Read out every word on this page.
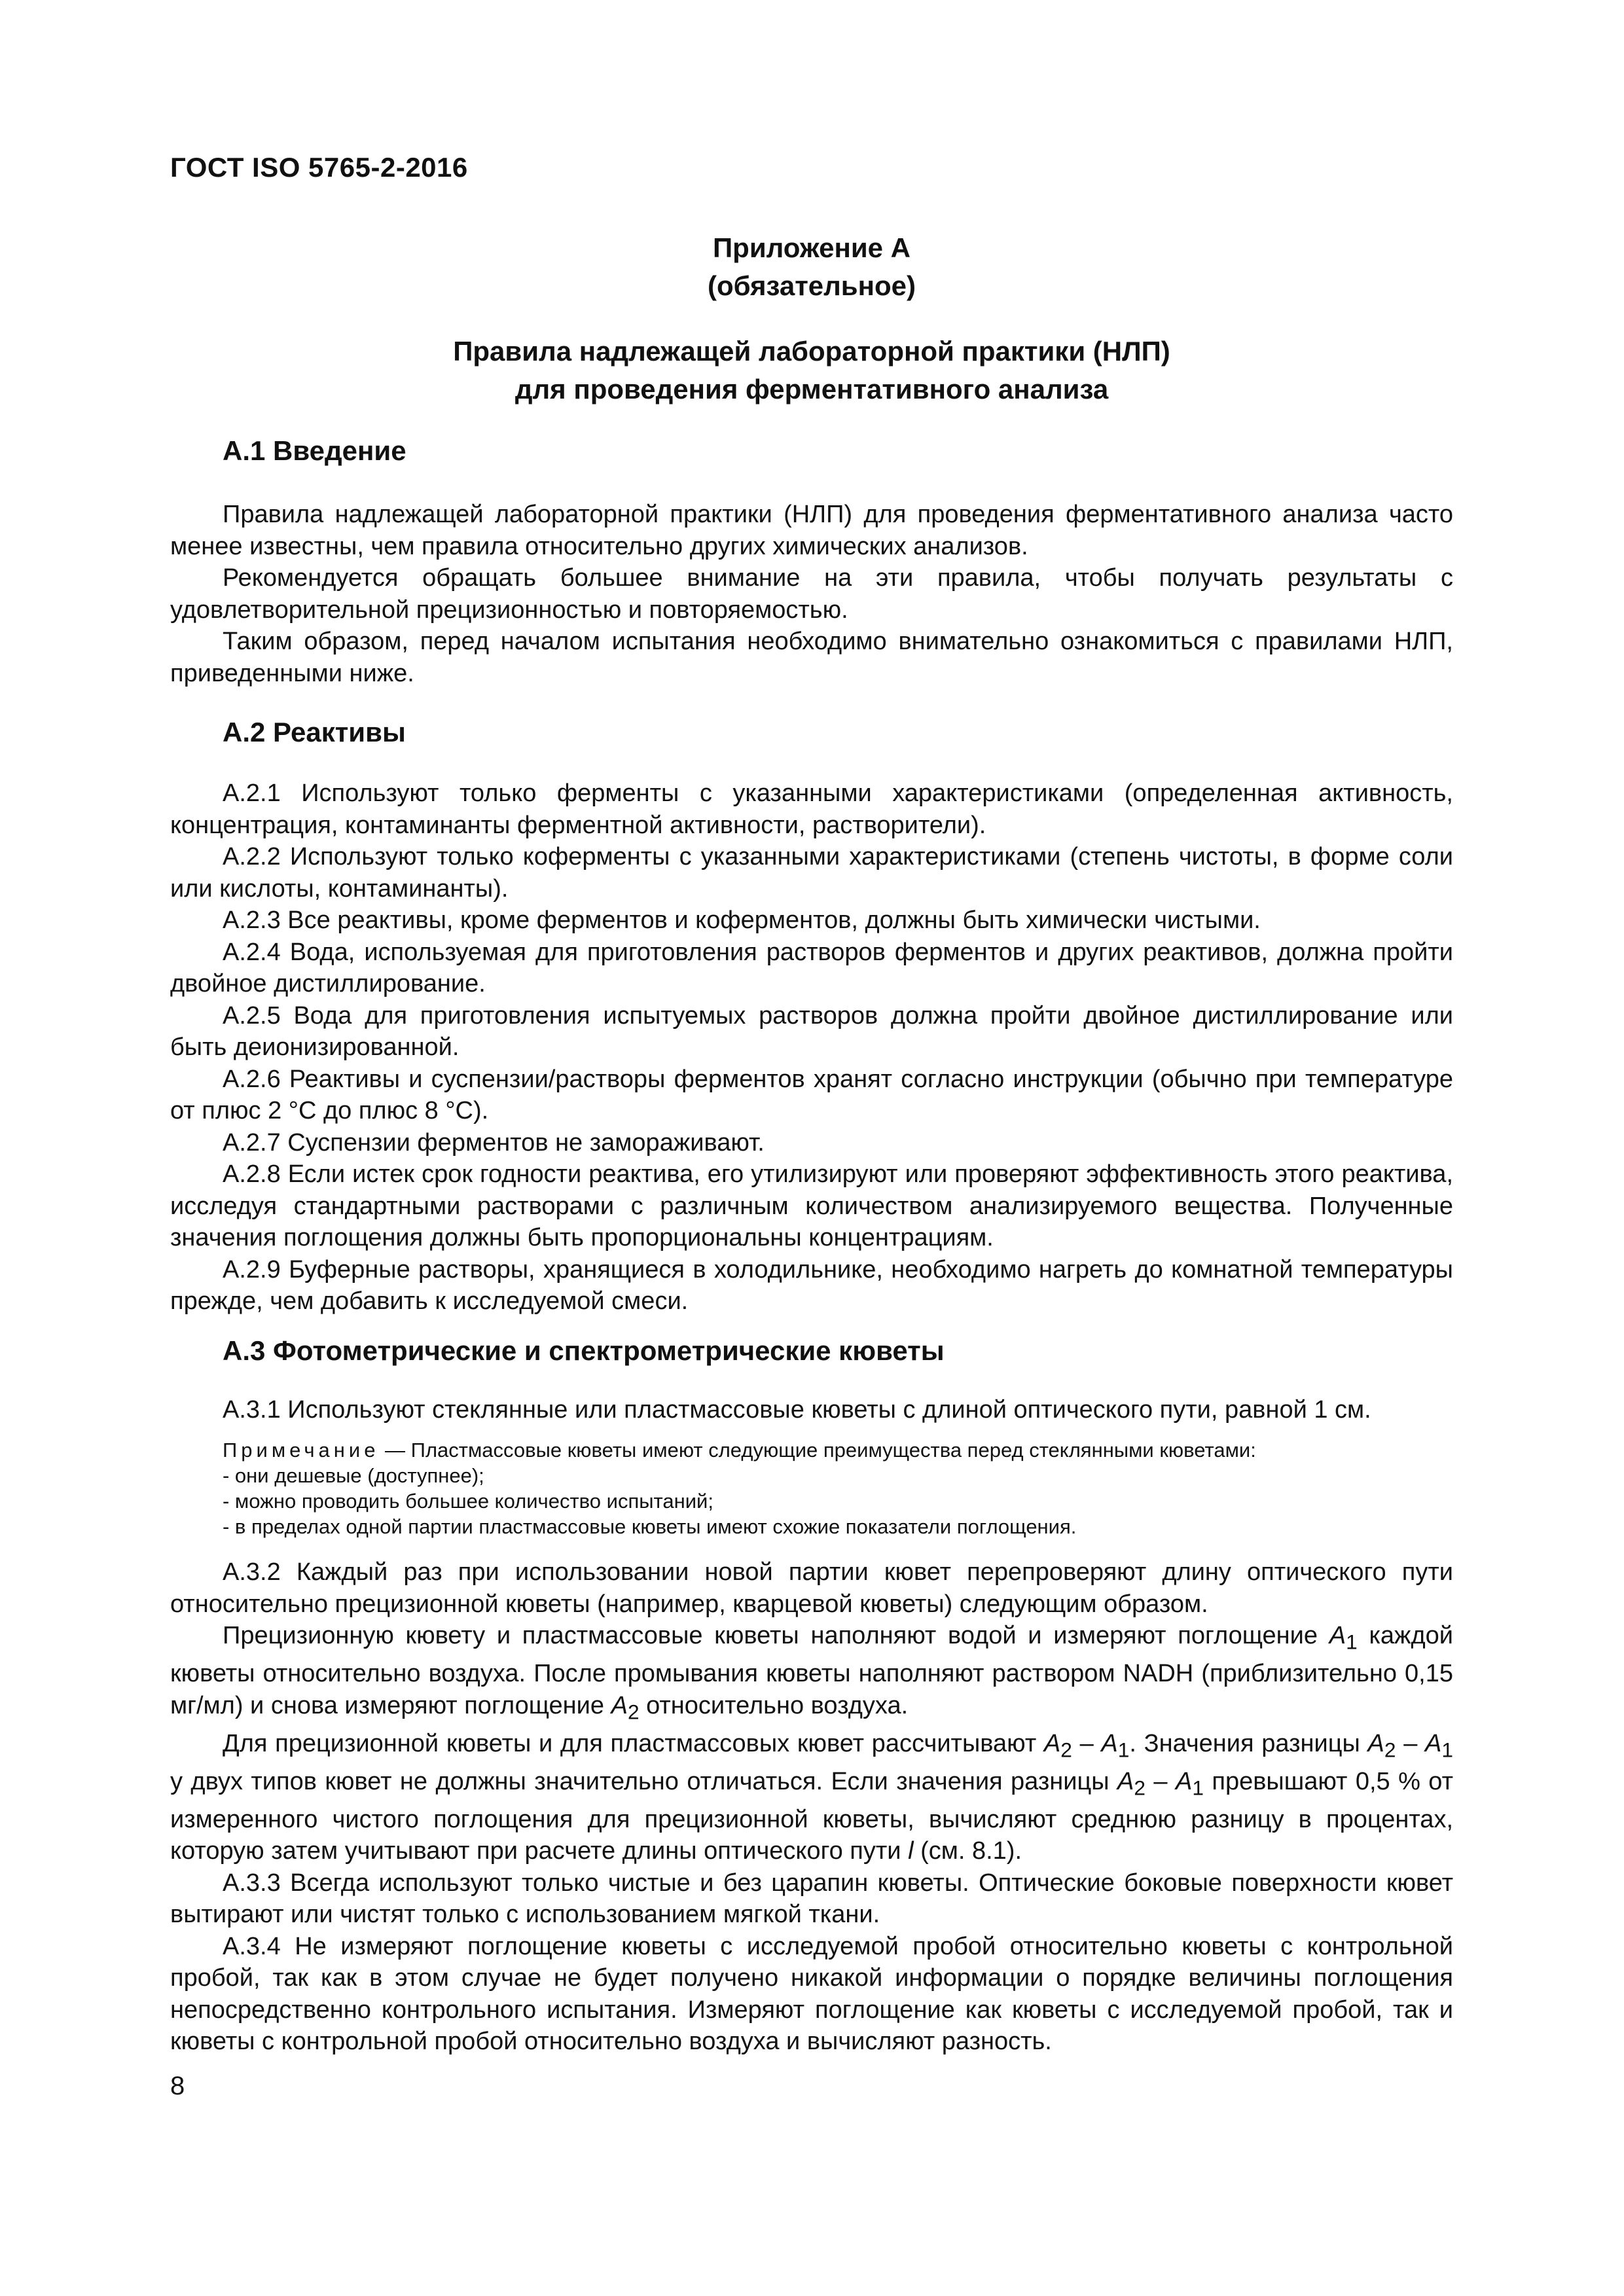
ГОСТ ISO 5765-2-2016
Приложение А
(обязательное)
Правила надлежащей лабораторной практики (НЛП)
для проведения ферментативного анализа
А.1 Введение

Правила надлежащей лабораторной практики (НЛП) для проведения ферментативного анализа часто менее известны, чем правила относительно других химических анализов.

Рекомендуется обращать большее внимание на эти правила, чтобы получать результаты с удовлетворительной прецизионностью и повторяемостью.

Таким образом, перед началом испытания необходимо внимательно ознакомиться с правилами НЛП, приведенными ниже.

А.2 Реактивы

А.2.1 Используют только ферменты с указанными характеристиками (определенная активность, концентрация, контаминанты ферментной активности, растворители).

А.2.2 Используют только коферменты с указанными характеристиками (степень чистоты, в форме соли или кислоты, контаминанты).

А.2.3 Все реактивы, кроме ферментов и коферментов, должны быть химически чистыми.

А.2.4 Вода, используемая для приготовления растворов ферментов и других реактивов, должна пройти двойное дистиллирование.

А.2.5 Вода для приготовления испытуемых растворов должна пройти двойное дистиллирование или быть деионизированной.

А.2.6 Реактивы и суспензии/растворы ферментов хранят согласно инструкции (обычно при температуре от плюс 2 °С до плюс 8 °С).

А.2.7 Суспензии ферментов не замораживают.

А.2.8 Если истек срок годности реактива, его утилизируют или проверяют эффективность этого реактива, исследуя стандартными растворами с различным количеством анализируемого вещества. Полученные значения поглощения должны быть пропорциональны концентрациям.

А.2.9 Буферные растворы, хранящиеся в холодильнике, необходимо нагреть до комнатной температуры прежде, чем добавить к исследуемой смеси.

А.3 Фотометрические и спектрометрические кюветы

А.3.1 Используют стеклянные или пластмассовые кюветы с длиной оптического пути, равной 1 см.

Примечание — Пластмассовые кюветы имеют следующие преимущества перед стеклянными кюветами:
- они дешевые (доступнее);
- можно проводить большее количество испытаний;
- в пределах одной партии пластмассовые кюветы имеют схожие показатели поглощения.

А.3.2 Каждый раз при использовании новой партии кювет перепроверяют длину оптического пути относительно прецизионной кюветы (например, кварцевой кюветы) следующим образом.

Прецизионную кювету и пластмассовые кюветы наполняют водой и измеряют поглощение $A_1$ каждой кюветы относительно воздуха. После промывания кюветы наполняют раствором NADH (приблизительно 0,15 мг/мл) и снова измеряют поглощение $A_2$ относительно воздуха.

Для прецизионной кюветы и для пластмассовых кювет рассчитывают $A_2 - A_1$. Значения разницы $A_2 - A_1$ у двух типов кювет не должны значительно отличаться. Если значения разницы $A_2 - A_1$ превышают 0,5 % от измеренного чистого поглощения для прецизионной кюветы, вычисляют среднюю разницу в процентах, которую затем учитывают при расчете длины оптического пути l (см. 8.1).

А.3.3 Всегда используют только чистые и без царапин кюветы. Оптические боковые поверхности кювет вытирают или чистят только с использованием мягкой ткани.

А.3.4 Не измеряют поглощение кюветы с исследуемой пробой относительно кюветы с контрольной пробой, так как в этом случае не будет получено никакой информации о порядке величины поглощения непосредственно контрольного испытания. Измеряют поглощение как кюветы с исследуемой пробой, так и кюветы с контрольной пробой относительно воздуха и вычисляют разность.

8
